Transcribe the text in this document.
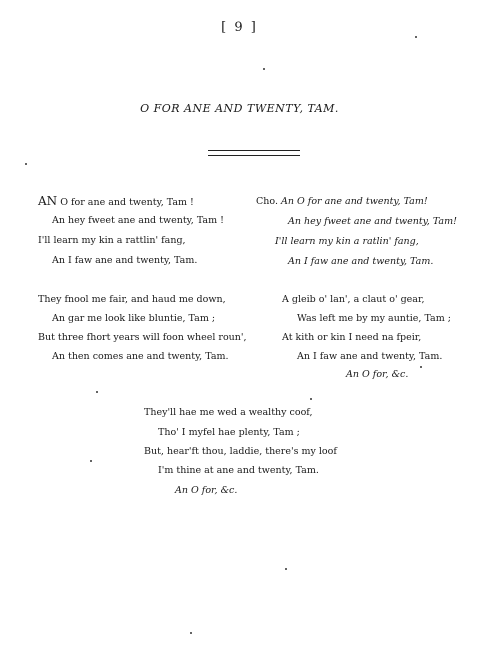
[ 9 ]
O FOR ANE AND TWENTY, TAM.
AN O for ane and twenty, Tam !
An hey fweet ane and twenty, Tam !
I'll learn my kin a rattlin' fang,
An I faw ane and twenty, Tam.
Cho. An O for ane and twenty, Tam!
An hey fweet ane and twenty, Tam!
I'll learn my kin a ratlin' fang,
An I faw ane and twenty, Tam.
They fnool me fair, and haud me down,
An gar me look like bluntie, Tam ;
But three fhort years will foon wheel roun',
An then comes ane and twenty, Tam.
A gleib o' lan', a claut o' gear,
Was left me by my auntie, Tam ;
At kith or kin I need na fpeir,
An I faw ane and twenty, Tam.
An O for, &c.
They'll hae me wed a wealthy coof,
Tho' I myfel hae plenty, Tam ;
But, hear'ft thou, laddie, there's my loof
I'm thine at ane and twenty, Tam.
An O for, &c.
